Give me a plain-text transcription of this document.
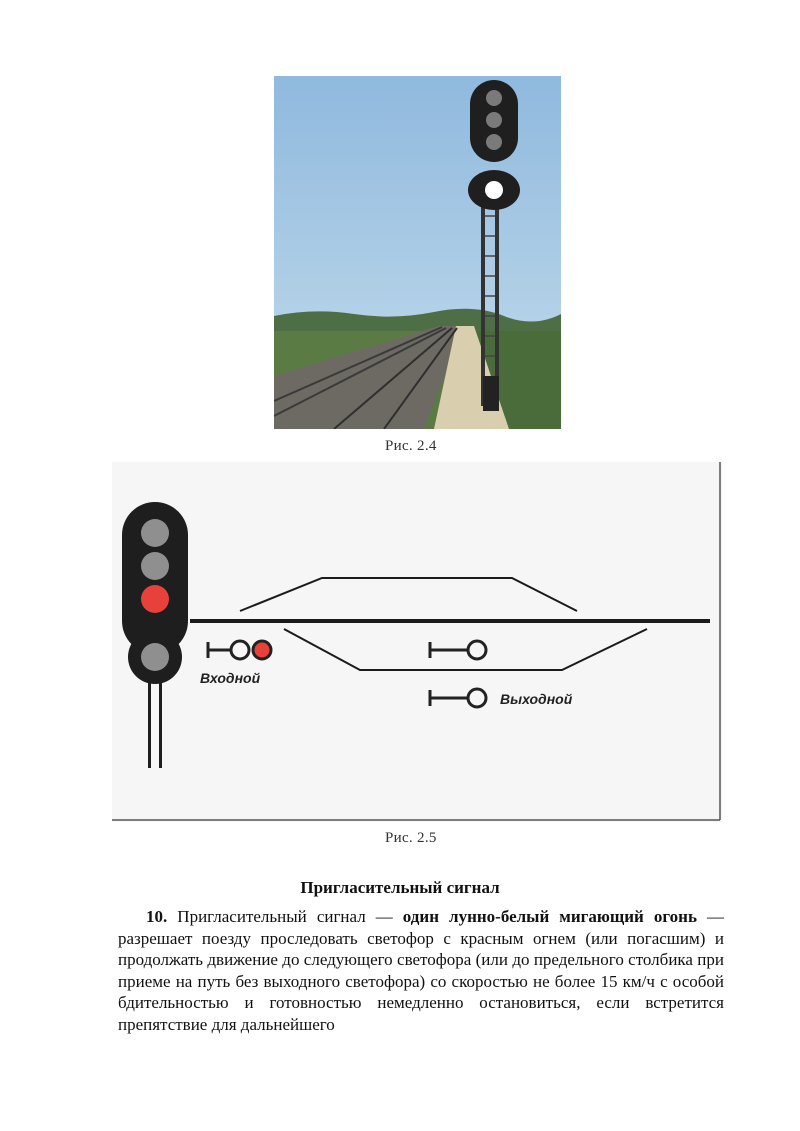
Рис. 2.4
Входной
Выходной
Рис. 2.5
Пригласительный сигнал

10. Пригласительный сигнал — один лунно-белый мигающий огонь — разрешает поезду проследовать светофор с красным огнем (или погасшим) и продолжать движение до следующего светофора (или до предельного столбика при приеме на путь без выходного светофора) со скоростью не более 15 км/ч с особой бдительностью и готовностью немедленно остановиться, если встретится препятствие для дальнейшего
